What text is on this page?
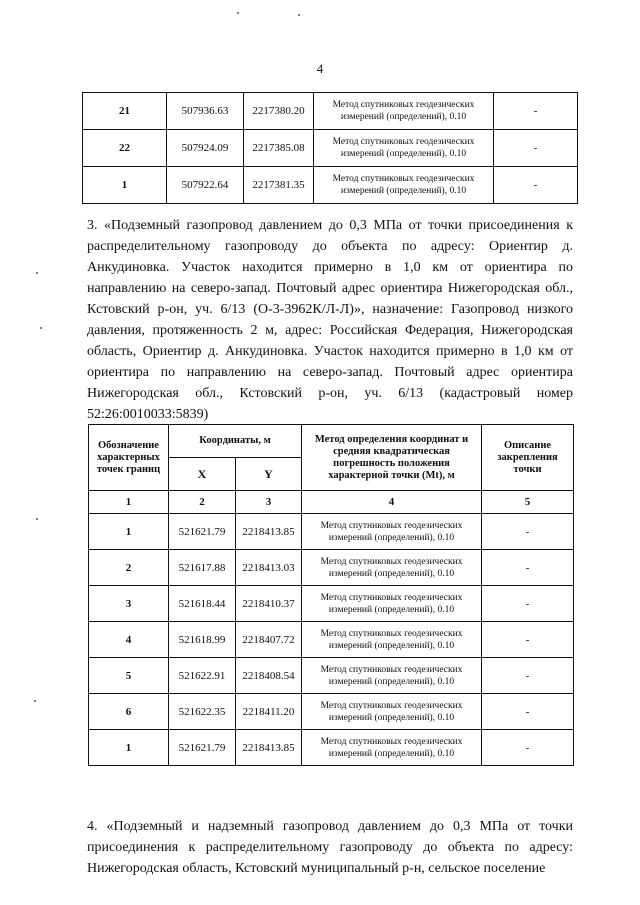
4
21	507936.63	2217380.20	Метод спутниковых геодезических измерений (определений), 0.10	-
22	507924.09	2217385.08	Метод спутниковых геодезических измерений (определений), 0.10	-
1	507922.64	2217381.35	Метод спутниковых геодезических измерений (определений), 0.10	-

3. «Подземный газопровод давлением до 0,3 МПа от точки присоединения к распределительному газопроводу до объекта по адресу: Ориентир д. Анкудиновка. Участок находится примерно в 1,0 км от ориентира по направлению на северо-запад. Почтовый адрес ориентира Нижегородская обл., Кстовский р-он, уч. 6/13 (О-3-3962К/Л-Л)», назначение: Газопровод низкого давления, протяженность 2 м, адрес: Российская Федерация, Нижегородская область, Ориентир д. Анкудиновка. Участок находится примерно в 1,0 км от ориентира по направлению на северо-запад. Почтовый адрес ориентира Нижегородская обл., Кстовский р-он, уч. 6/13 (кадастровый номер 52:26:0010033:5839)

Обозначение характерных точек границ	Координаты, м		Метод определения координат и средняя квадратическая погрешность положения характерной точки (Mt), м	Описание закрепления точки
	X	Y		
1	2	3	4	5
1	521621.79	2218413.85	Метод спутниковых геодезических измерений (определений), 0.10	-
2	521617.88	2218413.03	Метод спутниковых геодезических измерений (определений), 0.10	-
3	521618.44	2218410.37	Метод спутниковых геодезических измерений (определений), 0.10	-
4	521618.99	2218407.72	Метод спутниковых геодезических измерений (определений), 0.10	-
5	521622.91	2218408.54	Метод спутниковых геодезических измерений (определений), 0.10	-
6	521622.35	2218411.20	Метод спутниковых геодезических измерений (определений), 0.10	-
1	521621.79	2218413.85	Метод спутниковых геодезических измерений (определений), 0.10	-

4. «Подземный и надземный газопровод давлением до 0,3 МПа от точки присоединения к распределительному газопроводу до объекта по адресу: Нижегородская область, Кстовский муниципальный р-н, сельское поселение
